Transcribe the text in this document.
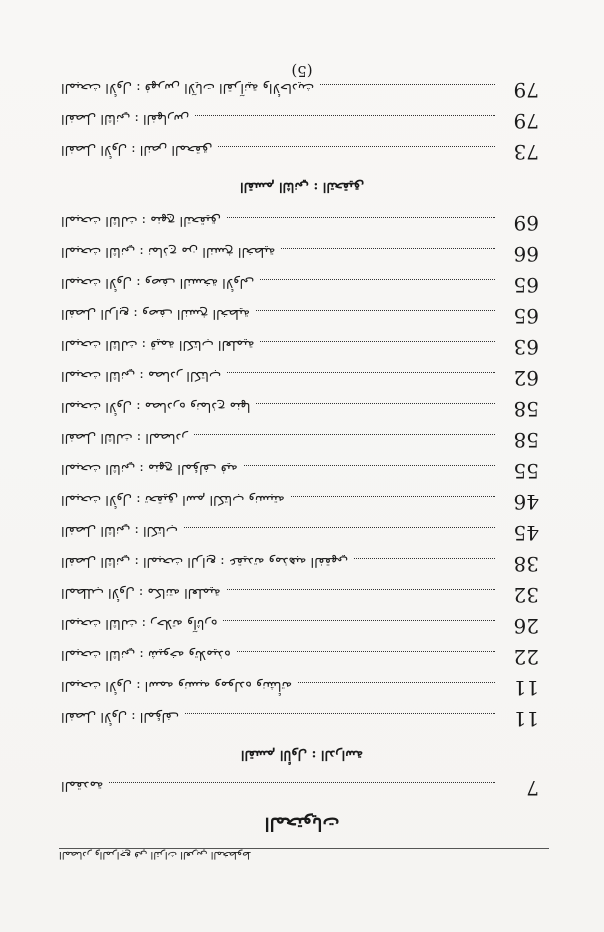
المصادر والمراجع في التراث العربي المخطوط
المحتويات
المقدمة	7
القسم الأول : الدراسة
الفصل الأول : المؤلف	11
المبحث الأول : اسمه ونسبه ومولده ونشأته	11
المبحث الثاني : شيوخه وتلاميذه	22
المبحث الثالث : رحلاته وآثاره	26
المطلب الأول : مكانته العلمية	32
الفصل الثاني : المبحث الرابع : عقيدته ومذهبه الفقهي	38
الفصل الثاني : الكتاب	45
المبحث الأول : تحقيق اسم الكتاب ونسبته	46
المبحث الثاني : منهج المؤلف فيه	55
الفصل الثالث : المصادر	58
المبحث الأول : مصادره ونماذج منها	58
المبحث الثاني : مصادر الكتاب	62
المبحث الثالث : قيمة الكتاب العلمية	63
الفصل الرابع : وصف النسخ الخطية	65
المبحث الأول : وصف النسخة الأولى	65
المبحث الثاني : نماذج من النسخ الخطية	66
المبحث الثالث : منهج التحقيق	69
القسم الثاني : التحقيق
الفصل الأول : النص المحقق	73
الفصل الثاني : الفهارس	79
المبحث الأول : فهرس الآيات القرآنية والأحاديث	79
(5)
